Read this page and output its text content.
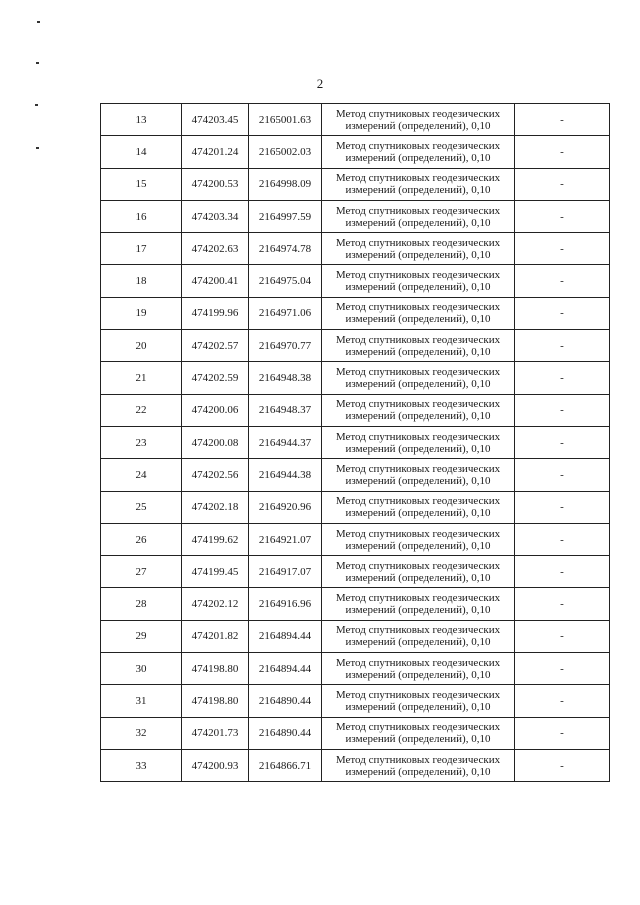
2
13	474203.45	2165001.63	Метод спутниковых геодезических
измерений (определений), 0,10	-
14	474201.24	2165002.03	Метод спутниковых геодезических
измерений (определений), 0,10	-
15	474200.53	2164998.09	Метод спутниковых геодезических
измерений (определений), 0,10	-
16	474203.34	2164997.59	Метод спутниковых геодезических
измерений (определений), 0,10	-
17	474202.63	2164974.78	Метод спутниковых геодезических
измерений (определений), 0,10	-
18	474200.41	2164975.04	Метод спутниковых геодезических
измерений (определений), 0,10	-
19	474199.96	2164971.06	Метод спутниковых геодезических
измерений (определений), 0,10	-
20	474202.57	2164970.77	Метод спутниковых геодезических
измерений (определений), 0,10	-
21	474202.59	2164948.38	Метод спутниковых геодезических
измерений (определений), 0,10	-
22	474200.06	2164948.37	Метод спутниковых геодезических
измерений (определений), 0,10	-
23	474200.08	2164944.37	Метод спутниковых геодезических
измерений (определений), 0,10	-
24	474202.56	2164944.38	Метод спутниковых геодезических
измерений (определений), 0,10	-
25	474202.18	2164920.96	Метод спутниковых геодезических
измерений (определений), 0,10	-
26	474199.62	2164921.07	Метод спутниковых геодезических
измерений (определений), 0,10	-
27	474199.45	2164917.07	Метод спутниковых геодезических
измерений (определений), 0,10	-
28	474202.12	2164916.96	Метод спутниковых геодезических
измерений (определений), 0,10	-
29	474201.82	2164894.44	Метод спутниковых геодезических
измерений (определений), 0,10	-
30	474198.80	2164894.44	Метод спутниковых геодезических
измерений (определений), 0,10	-
31	474198.80	2164890.44	Метод спутниковых геодезических
измерений (определений), 0,10	-
32	474201.73	2164890.44	Метод спутниковых геодезических
измерений (определений), 0,10	-
33	474200.93	2164866.71	Метод спутниковых геодезических
измерений (определений), 0,10	-
